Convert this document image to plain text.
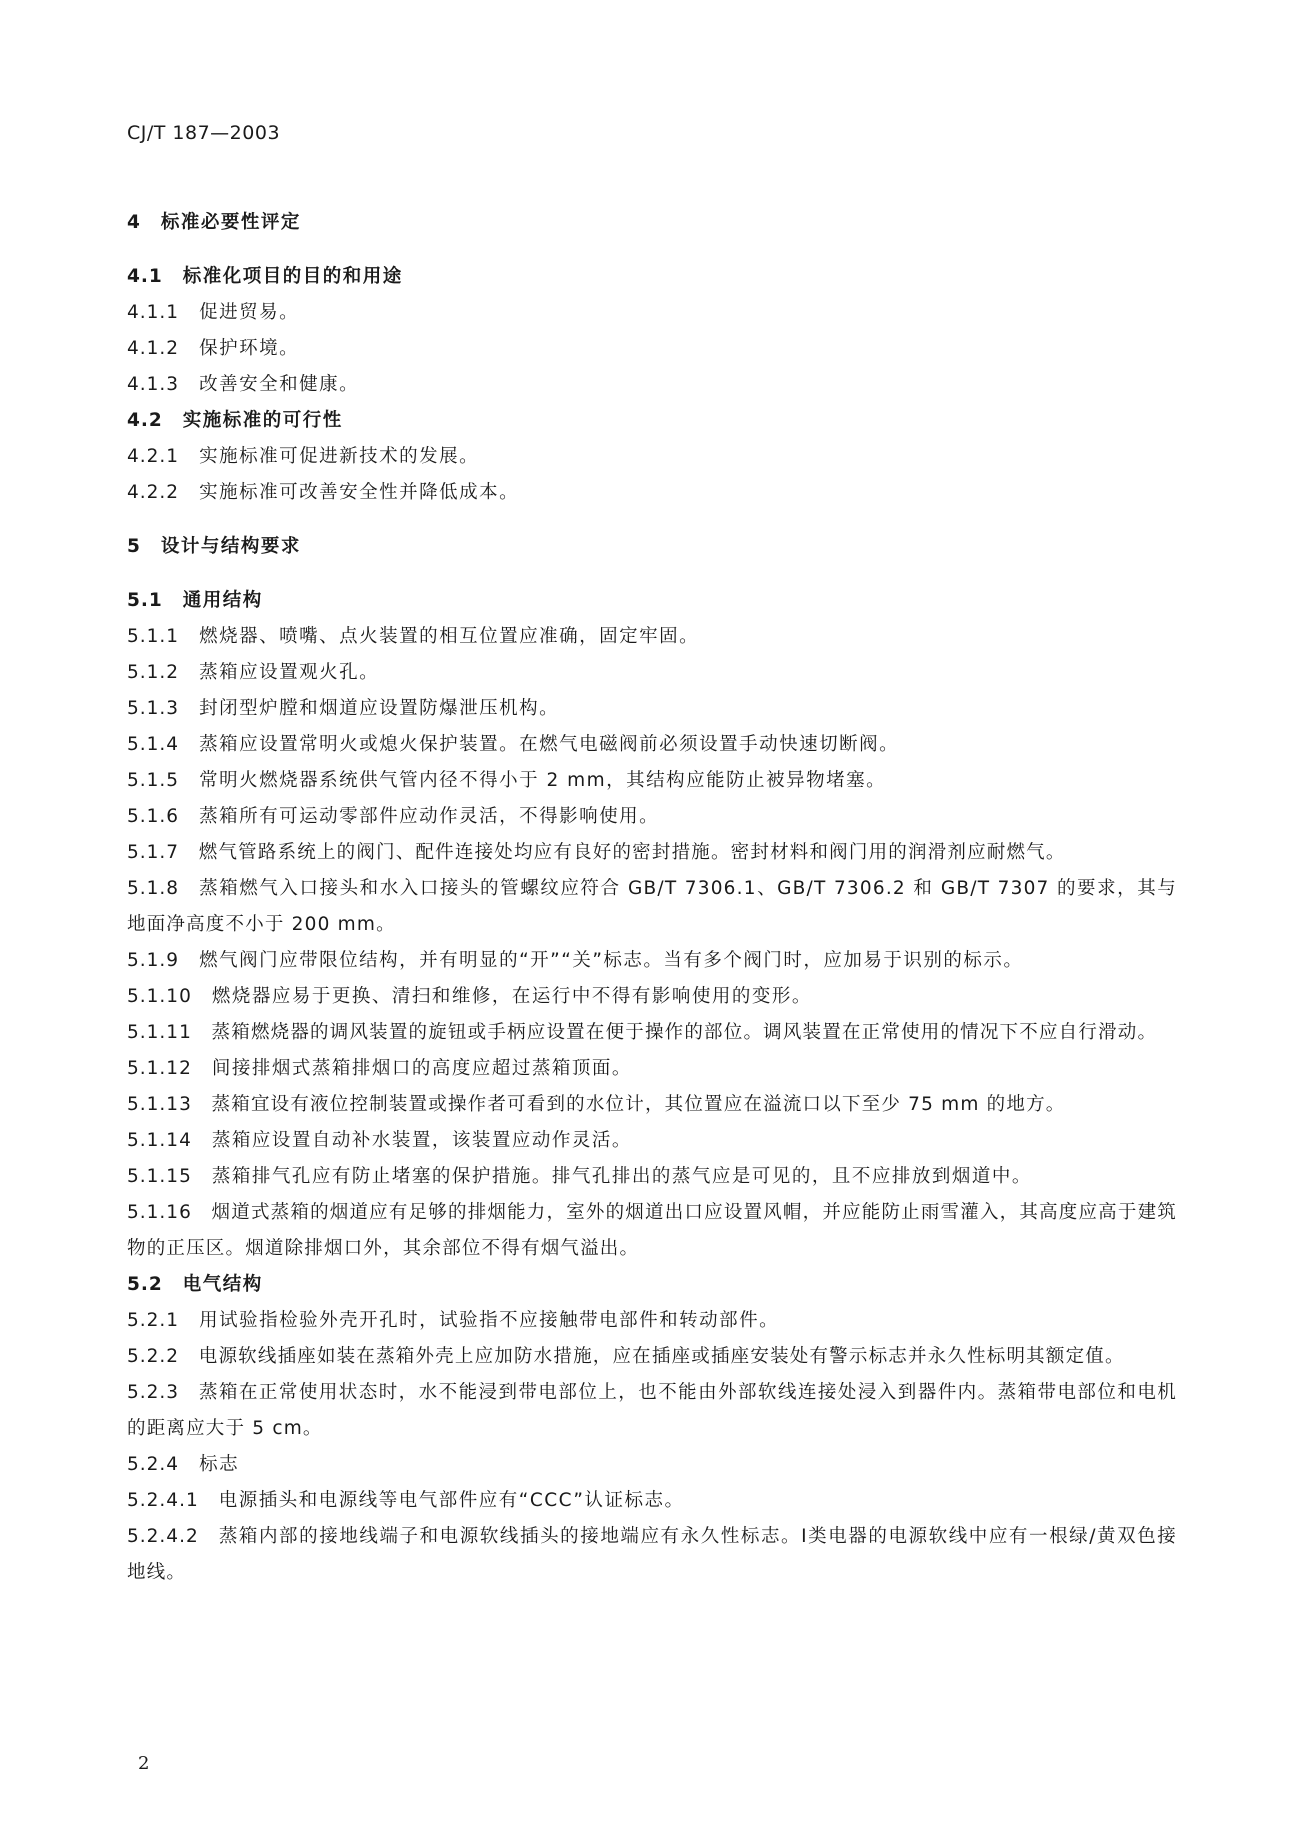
CJ/T 187—2003
4  标准必要性评定
4.1  标准化项目的目的和用途
4.1.1  促进贸易。
4.1.2  保护环境。
4.1.3  改善安全和健康。
4.2  实施标准的可行性
4.2.1  实施标准可促进新技术的发展。
4.2.2  实施标准可改善安全性并降低成本。
5  设计与结构要求
5.1  通用结构
5.1.1  燃烧器、喷嘴、点火装置的相互位置应准确，固定牢固。
5.1.2  蒸箱应设置观火孔。
5.1.3  封闭型炉膛和烟道应设置防爆泄压机构。
5.1.4  蒸箱应设置常明火或熄火保护装置。在燃气电磁阀前必须设置手动快速切断阀。
5.1.5  常明火燃烧器系统供气管内径不得小于 2 mm，其结构应能防止被异物堵塞。
5.1.6  蒸箱所有可运动零部件应动作灵活，不得影响使用。
5.1.7  燃气管路系统上的阀门、配件连接处均应有良好的密封措施。密封材料和阀门用的润滑剂应耐燃气。
5.1.8  蒸箱燃气入口接头和水入口接头的管螺纹应符合 GB/T 7306.1、GB/T 7306.2 和 GB/T 7307 的要求，其与地面净高度不小于 200 mm。
5.1.9  燃气阀门应带限位结构，并有明显的“开”“关”标志。当有多个阀门时，应加易于识别的标示。
5.1.10  燃烧器应易于更换、清扫和维修，在运行中不得有影响使用的变形。
5.1.11  蒸箱燃烧器的调风装置的旋钮或手柄应设置在便于操作的部位。调风装置在正常使用的情况下不应自行滑动。
5.1.12  间接排烟式蒸箱排烟口的高度应超过蒸箱顶面。
5.1.13  蒸箱宜设有液位控制装置或操作者可看到的水位计，其位置应在溢流口以下至少 75 mm 的地方。
5.1.14  蒸箱应设置自动补水装置，该装置应动作灵活。
5.1.15  蒸箱排气孔应有防止堵塞的保护措施。排气孔排出的蒸气应是可见的，且不应排放到烟道中。
5.1.16  烟道式蒸箱的烟道应有足够的排烟能力，室外的烟道出口应设置风帽，并应能防止雨雪灌入，其高度应高于建筑物的正压区。烟道除排烟口外，其余部位不得有烟气溢出。
5.2  电气结构
5.2.1  用试验指检验外壳开孔时，试验指不应接触带电部件和转动部件。
5.2.2  电源软线插座如装在蒸箱外壳上应加防水措施，应在插座或插座安装处有警示标志并永久性标明其额定值。
5.2.3  蒸箱在正常使用状态时，水不能浸到带电部位上，也不能由外部软线连接处浸入到器件内。蒸箱带电部位和电机的距离应大于 5 cm。
5.2.4  标志
5.2.4.1  电源插头和电源线等电气部件应有“CCC”认证标志。
5.2.4.2  蒸箱内部的接地线端子和电源软线插头的接地端应有永久性标志。Ⅰ类电器的电源软线中应有一根绿/黄双色接地线。
2
